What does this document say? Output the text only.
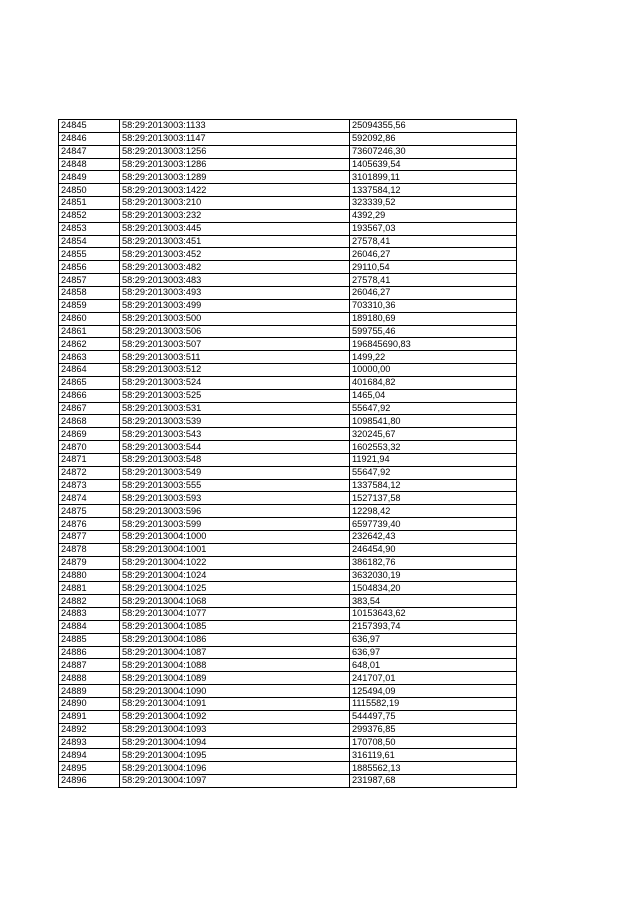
24845	58:29:2013003:1133	25094355,56
24846	58:29:2013003:1147	592092,86
24847	58:29:2013003:1256	73607246,30
24848	58:29:2013003:1286	1405639,54
24849	58:29:2013003:1289	3101899,11
24850	58:29:2013003:1422	1337584,12
24851	58:29:2013003:210	323339,52
24852	58:29:2013003:232	4392,29
24853	58:29:2013003:445	193567,03
24854	58:29:2013003:451	27578,41
24855	58:29:2013003:452	26046,27
24856	58:29:2013003:482	29110,54
24857	58:29:2013003:483	27578,41
24858	58:29:2013003:493	26046,27
24859	58:29:2013003:499	703310,36
24860	58:29:2013003:500	189180,69
24861	58:29:2013003:506	599755,46
24862	58:29:2013003:507	196845690,83
24863	58:29:2013003:511	1499,22
24864	58:29:2013003:512	10000,00
24865	58:29:2013003:524	401684,82
24866	58:29:2013003:525	1465,04
24867	58:29:2013003:531	55647,92
24868	58:29:2013003:539	1098541,80
24869	58:29:2013003:543	320245,67
24870	58:29:2013003:544	1602553,32
24871	58:29:2013003:548	11921,94
24872	58:29:2013003:549	55647,92
24873	58:29:2013003:555	1337584,12
24874	58:29:2013003:593	1527137,58
24875	58:29:2013003:596	12298,42
24876	58:29:2013003:599	6597739,40
24877	58:29:2013004:1000	232642,43
24878	58:29:2013004:1001	246454,90
24879	58:29:2013004:1022	386182,76
24880	58:29:2013004:1024	3632030,19
24881	58:29:2013004:1025	1504834,20
24882	58:29:2013004:1068	383,54
24883	58:29:2013004:1077	10153643,62
24884	58:29:2013004:1085	2157393,74
24885	58:29:2013004:1086	636,97
24886	58:29:2013004:1087	636,97
24887	58:29:2013004:1088	648,01
24888	58:29:2013004:1089	241707,01
24889	58:29:2013004:1090	125494,09
24890	58:29:2013004:1091	1115582,19
24891	58:29:2013004:1092	544497,75
24892	58:29:2013004:1093	299376,85
24893	58:29:2013004:1094	170708,50
24894	58:29:2013004:1095	316119,61
24895	58:29:2013004:1096	1885562,13
24896	58:29:2013004:1097	231987,68
